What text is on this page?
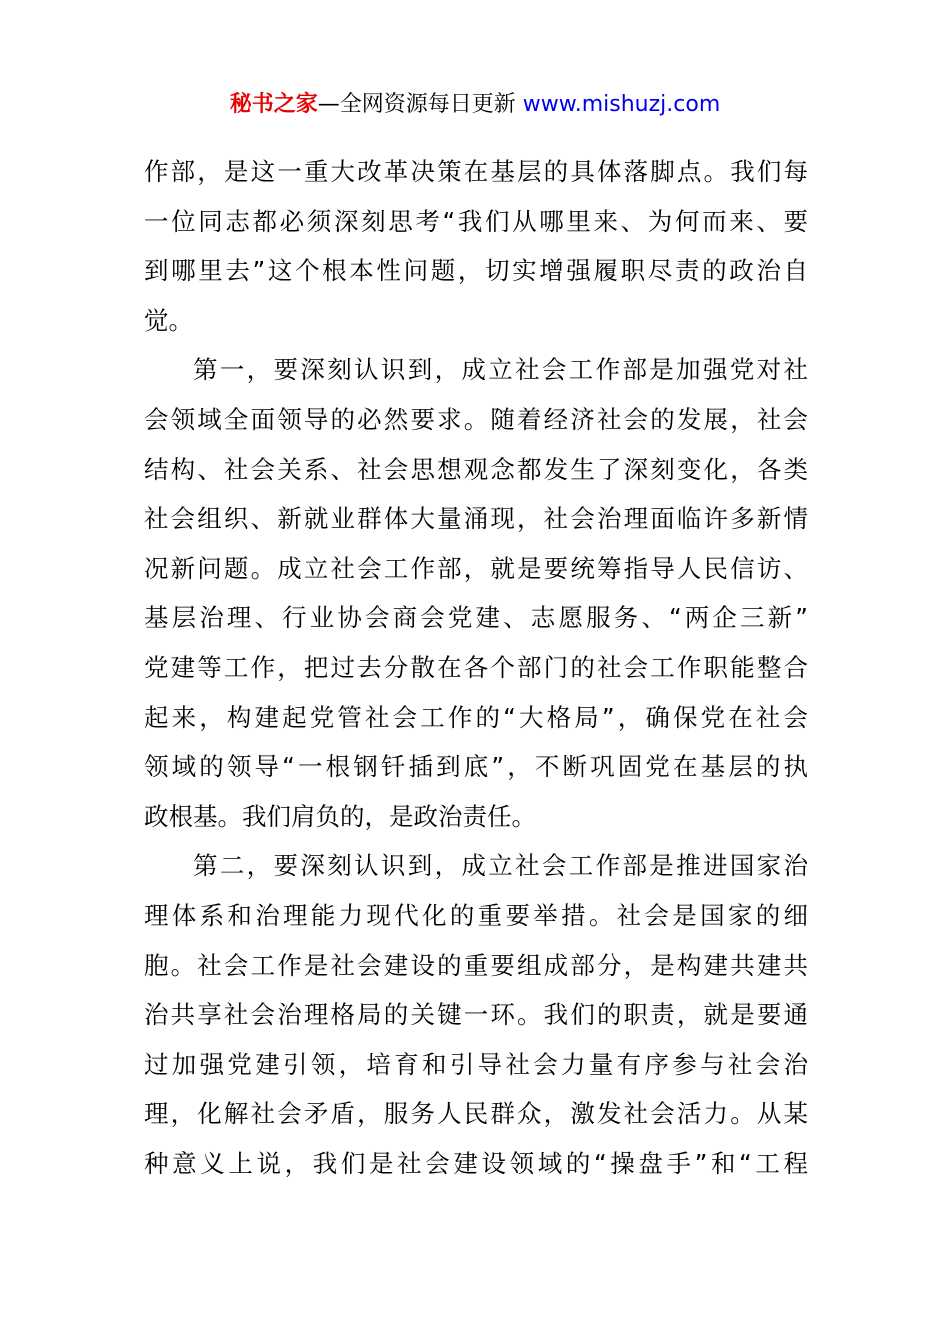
秘书之家—全网资源每日更新 www.mishuzj.com
作部，是这一重大改革决策在基层的具体落脚点。我们每
一位同志都必须深刻思考“我们从哪里来、为何而来、要
到哪里去”这个根本性问题，切实增强履职尽责的政治自
觉。
第一，要深刻认识到，成立社会工作部是加强党对社
会领域全面领导的必然要求。随着经济社会的发展，社会
结构、社会关系、社会思想观念都发生了深刻变化，各类
社会组织、新就业群体大量涌现，社会治理面临许多新情
况新问题。成立社会工作部，就是要统筹指导人民信访、
基层治理、行业协会商会党建、志愿服务、“两企三新”
党建等工作，把过去分散在各个部门的社会工作职能整合
起来，构建起党管社会工作的“大格局”，确保党在社会
领域的领导“一根钢钎插到底”，不断巩固党在基层的执
政根基。我们肩负的，是政治责任。
第二，要深刻认识到，成立社会工作部是推进国家治
理体系和治理能力现代化的重要举措。社会是国家的细
胞。社会工作是社会建设的重要组成部分，是构建共建共
治共享社会治理格局的关键一环。我们的职责，就是要通
过加强党建引领，培育和引导社会力量有序参与社会治
理，化解社会矛盾，服务人民群众，激发社会活力。从某
种意义上说，我们是社会建设领域的“操盘手”和“工程
